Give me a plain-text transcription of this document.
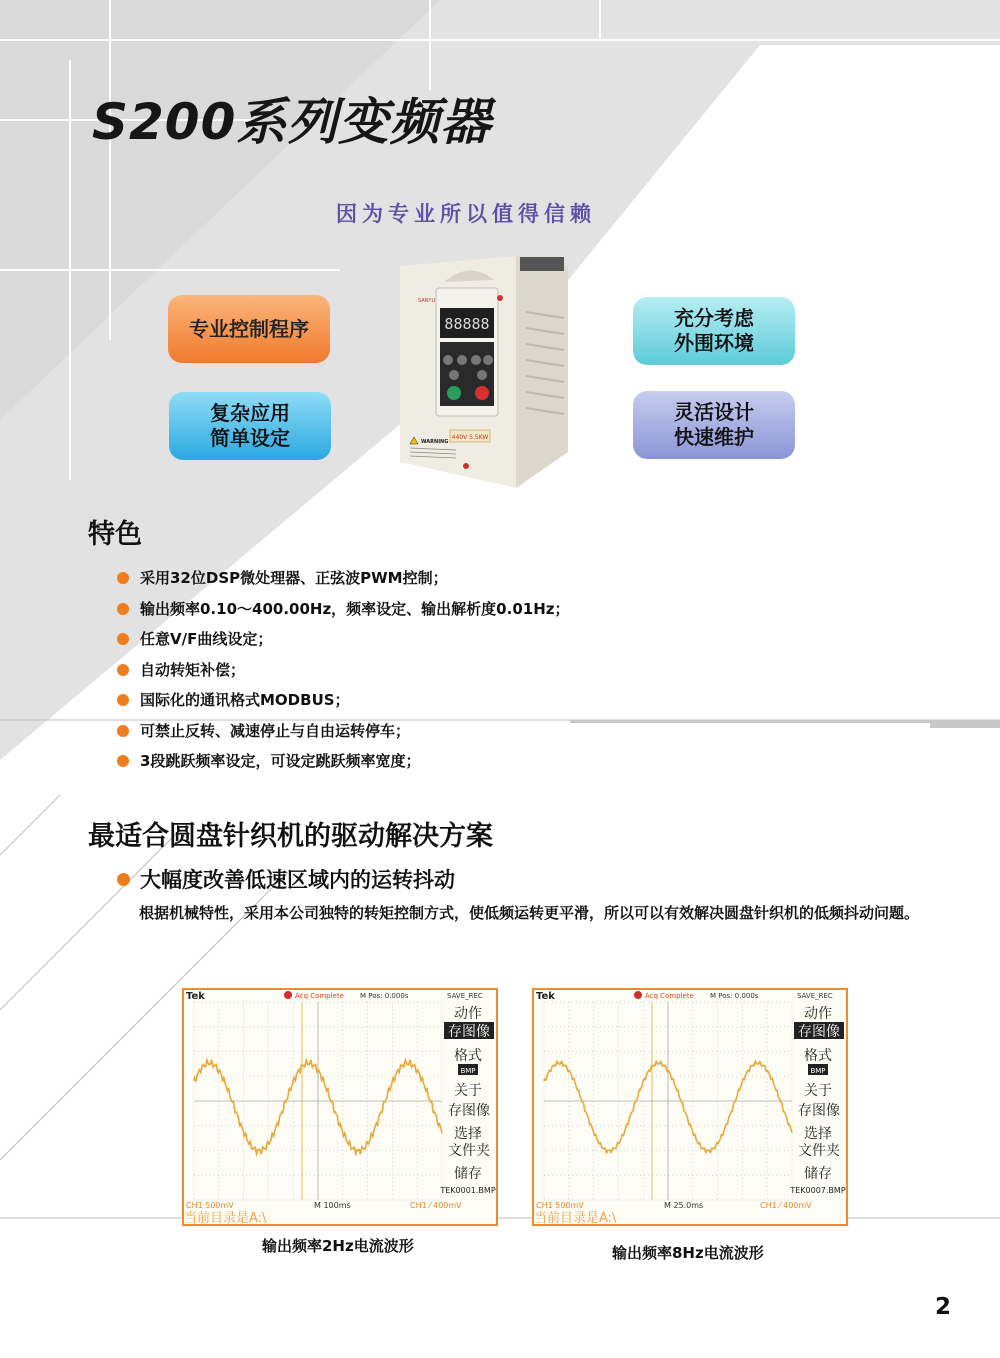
S200系列变频器
因为专业所以值得信赖
专业控制程序
复杂应用
简单设定
充分考虑
外围环境
灵活设计
快速维护
88888
SANYU
440V 5.5KW
WARNING
特色
采用32位DSP微处理器、正弦波PWM控制；
输出频率0.10～400.00Hz，频率设定、输出解析度0.01Hz；
任意V/F曲线设定；
自动转矩补偿；
国际化的通讯格式MODBUS；
可禁止反转、减速停止与自由运转停车；
3段跳跃频率设定，可设定跳跃频率宽度；
最适合圆盘针织机的驱动解决方案
大幅度改善低速区域内的运转抖动
根据机械特性，采用本公司独特的转矩控制方式，使低频运转更平滑，所以可以有效解决圆盘针织机的低频抖动问题。
Tek	Acq Complete M Pos: 0.000s	SAVE_REC
动作
存图像
格式
BMP
关于
存图像
选择
文件夹
储存
TEK0001.BMP
CH1 500mV	M 100ms	CH1 ⁄ 400mV
当前目录是A:\
Tek	Acq Complete M Pos: 0.000s	SAVE_REC
动作
存图像
格式
BMP
关于
存图像
选择
文件夹
储存
TEK0007.BMP
CH1 500mV	M 25.0ms	CH1 ⁄ 400mV
当前目录是A:\
输出频率2Hz电流波形	输出频率8Hz电流波形
2
